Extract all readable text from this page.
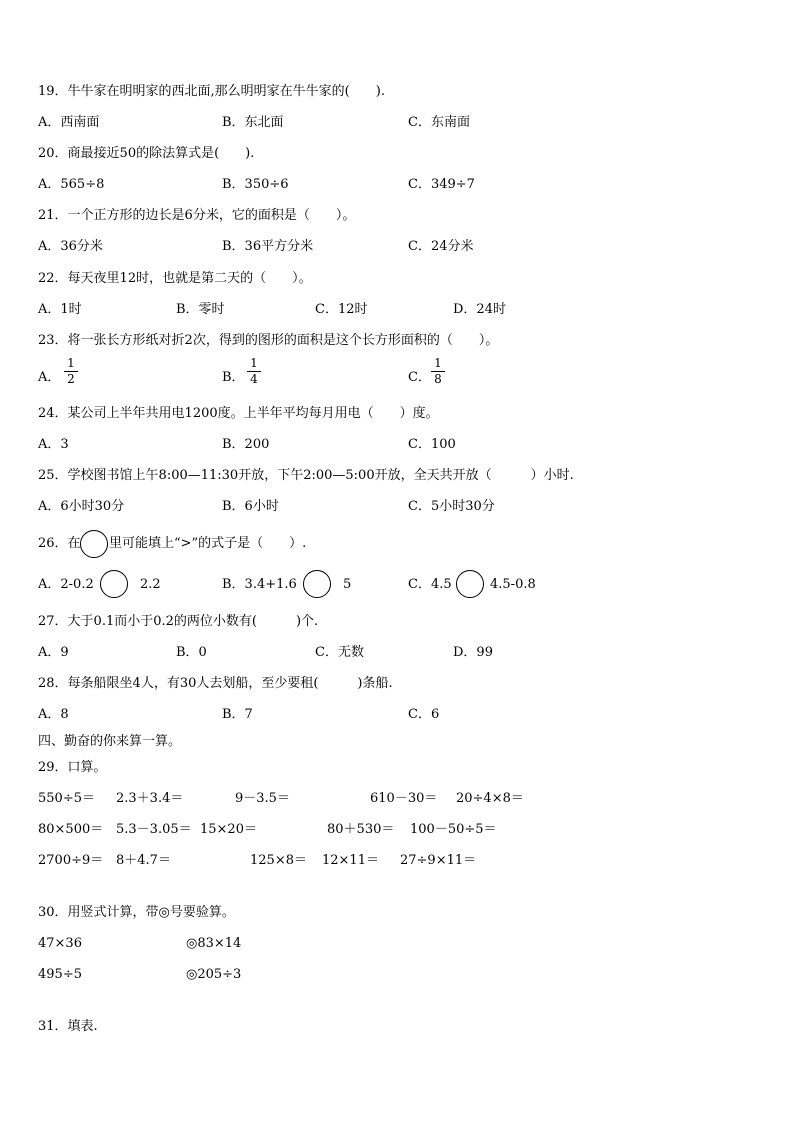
19．牛牛家在明明家的西北面,那么明明家在牛牛家的(　　).
A．西南面	B．东北面	C．东南面
20．商最接近50的除法算式是(　　).
A．565÷8	B．350÷6	C．349÷7
21．一个正方形的边长是6分米，它的面积是（　　）。
A．36分米	B．36平方分米	C．24分米
22．每天夜里12时，也就是第二天的（　　）。
A．1时	B．零时	C．12时	D．24时
23．将一张长方形纸对折2次，得到的图形的面积是这个长方形面积的（　　）。
A．
1
2	B．
1
4	C．
1
8
24．某公司上半年共用电1200度。上半年平均每月用电（　　）度。
A．3	B．200	C．100
25．学校图书馆上午8:00—11:30开放，下午2:00—5:00开放，全天共开放（　　　）小时.
A．6小时30分	B．6小时	C．5小时30分
26．在 里可能填上“>”的式子是（　　）.
A．2-0.2	2.2	B．3.4+1.6	5	C．4.5	4.5-0.8
27．大于0.1而小于0.2的两位小数有(　　　)个.
A．9	B．0	C．无数	D．99
28．每条船限坐4人，有30人去划船，至少要租(　　　)条船.
A．8	B．7	C．6
四、勤奋的你来算一算。
29．口算。
550÷5＝ 2.3＋3.4＝	9－3.5＝	610－30＝ 20÷4×8＝
80×500＝ 5.3－3.05＝ 15×20＝	80＋530＝ 100－50÷5＝
2700÷9＝ 8＋4.7＝	125×8＝ 12×11＝ 27÷9×11＝
30．用竖式计算，带◎号要验算。
47×36	◎83×14
495÷5	◎205÷3
31．填表.
